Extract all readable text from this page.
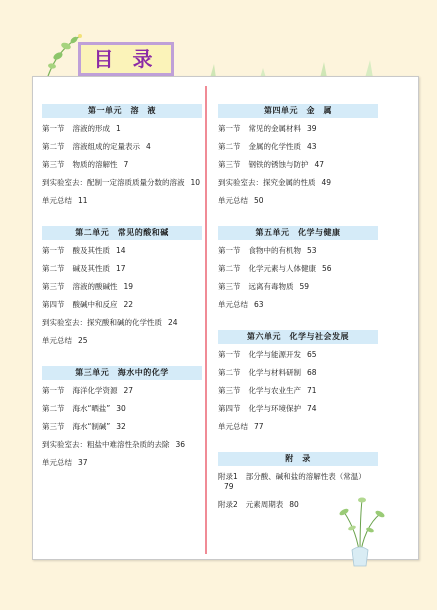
目 录
第一单元　溶　液
第一节 溶液的形成 1
第二节 溶液组成的定量表示 4
第三节 物质的溶解性 7
到实验室去：配制一定溶质质量分数的溶液 10
单元总结 11
第二单元　常见的酸和碱
第一节 酸及其性质 14
第二节 碱及其性质 17
第三节 溶液的酸碱性 19
第四节 酸碱中和反应 22
到实验室去：探究酸和碱的化学性质 24
单元总结 25
第三单元　海水中的化学
第一节 海洋化学资源 27
第二节 海水“晒盐” 30
第三节 海水“制碱” 32
到实验室去：粗盐中难溶性杂质的去除 36
单元总结 37
第四单元　金　属
第一节 常见的金属材料 39
第二节 金属的化学性质 43
第三节 钢铁的锈蚀与防护 47
到实验室去：探究金属的性质 49
单元总结 50
第五单元　化学与健康
第一节 食物中的有机物 53
第二节 化学元素与人体健康 56
第三节 远离有毒物质 59
单元总结 63
第六单元　化学与社会发展
第一节 化学与能源开发 65
第二节 化学与材料研制 68
第三节 化学与农业生产 71
第四节 化学与环境保护 74
单元总结 77
附　录
附录1 部分酸、碱和盐的溶解性表（常温）79
附录2 元素周期表 80
